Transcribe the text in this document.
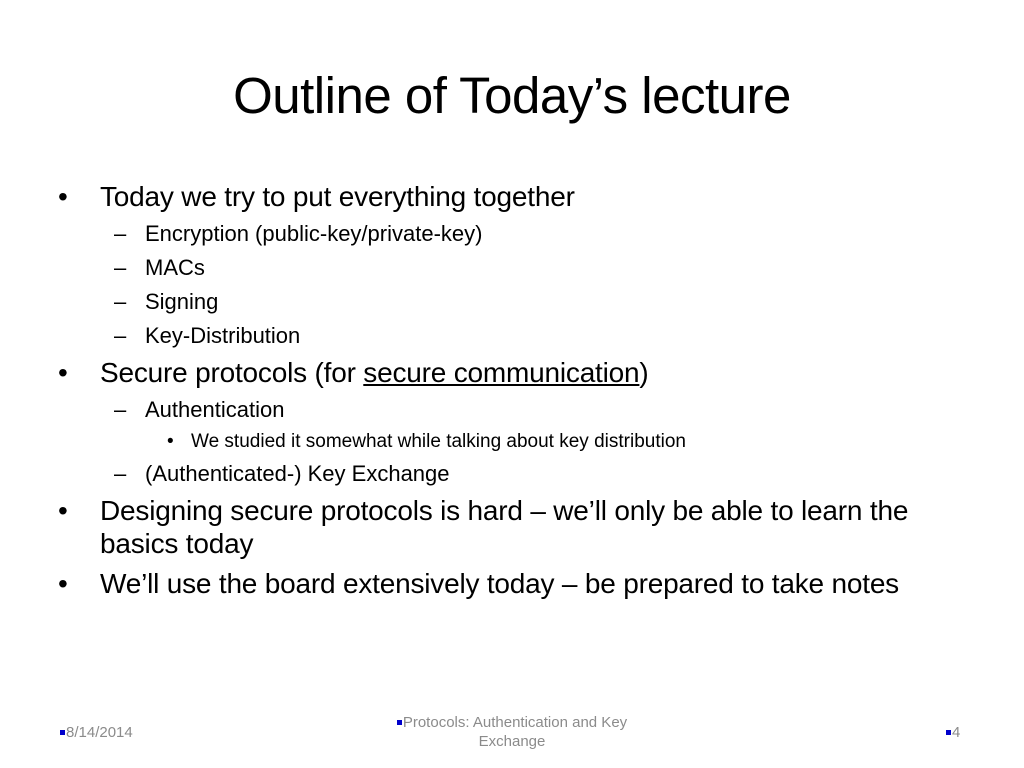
Outline of Today’s lecture
• Today we try to put everything together
– Encryption (public-key/private-key)
– MACs
– Signing
– Key-Distribution
• Secure protocols (for secure communication)
– Authentication
• We studied it somewhat while talking about key distribution
– (Authenticated-) Key Exchange
• Designing secure protocols is hard – we’ll only be able to learn the basics today
• We’ll use the board extensively today – be prepared to take notes
8/14/2014
Protocols: Authentication and Key Exchange
4
